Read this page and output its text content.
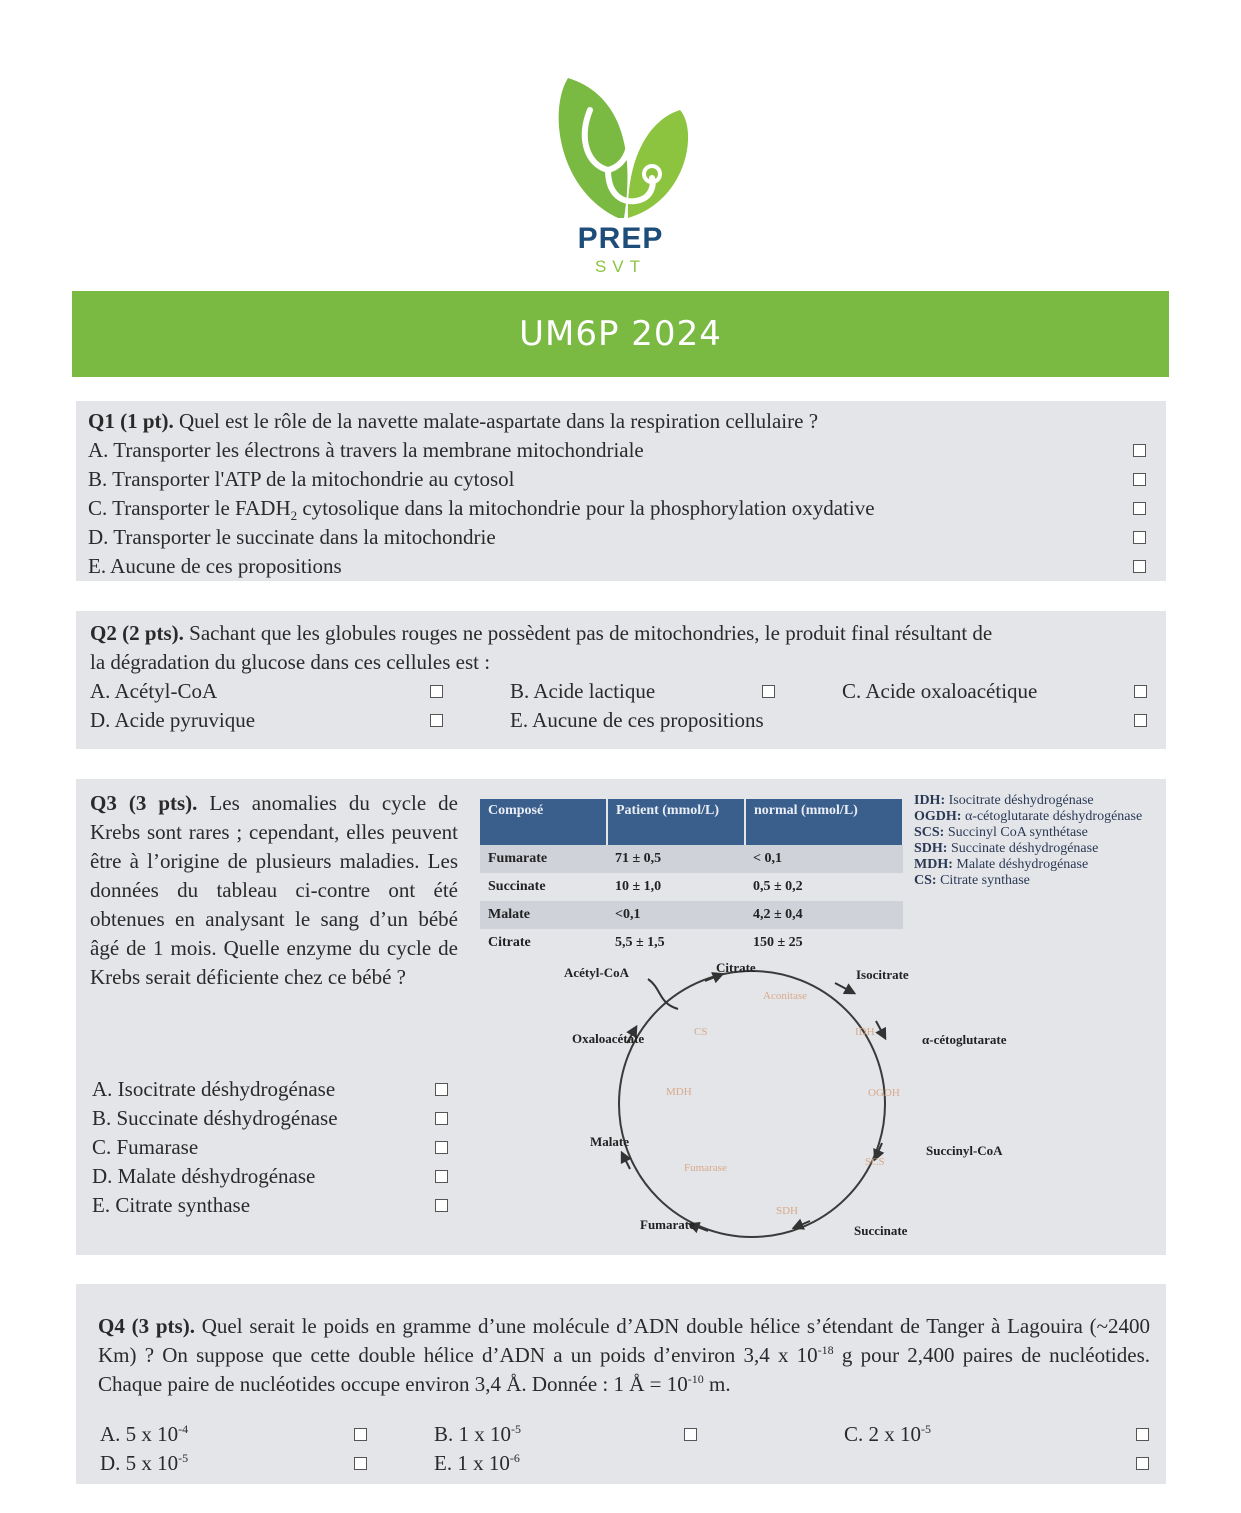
PREP
SVT
UM6P 2024
Q1 (1 pt). Quel est le rôle de la navette malate-aspartate dans la respiration cellulaire ?
A. Transporter les électrons à travers la membrane mitochondriale
B. Transporter l'ATP de la mitochondrie au cytosol
C. Transporter le $FADH_2$ cytosolique dans la mitochondrie pour la phosphorylation oxydative
D. Transporter le succinate dans la mitochondrie
E. Aucune de ces propositions
Q2 (2 pts). Sachant que les globules rouges ne possèdent pas de mitochondries, le produit final résultant de
la dégradation du glucose dans ces cellules est :
A. Acétyl-CoA	B. Acide lactique	C. Acide oxaloacétique
D. Acide pyruvique	E. Aucune de ces propositions
Q3 (3 pts). Les anomalies du cycle de Krebs sont rares ; cependant, elles peuvent être à l’origine de plusieurs maladies. Les données du tableau ci-contre ont été obtenues en analysant le sang d’un bébé âgé de 1 mois. Quelle enzyme du cycle de Krebs serait déficiente chez ce bébé ?
Composé	Patient (mmol/L)	normal (mmol/L)
Fumarate	71 ± 0,5	< 0,1
Succinate	10 ± 1,0	0,5 ± 0,2
Malate	<0,1	4,2 ± 0,4
Citrate	5,5 ± 1,5	150 ± 25
IDH: Isocitrate déshydrogénase
OGDH: α-cétoglutarate déshydrogénase
SCS: Succinyl CoA synthétase
SDH: Succinate déshydrogénase
MDH: Malate déshydrogénase
CS: Citrate synthase
Acétyl-CoA	Citrate	Isocitrate
α-cétoglutarate
Succinyl-CoA
Succinate
Fumarate
Malate
Oxaloacétate
Aconitase
CS	IDH
OGDH
SCS
SDH
Fumarase
MDH
A. Isocitrate déshydrogénase
B. Succinate déshydrogénase
C. Fumarase
D. Malate déshydrogénase
E. Citrate synthase
Q4 (3 pts). Quel serait le poids en gramme d’une molécule d’ADN double hélice s’étendant de Tanger à Lagouira (~2400 Km) ? On suppose que cette double hélice d’ADN a un poids d’environ 3,4 x $10^{-18}$ g pour 2,400 paires de nucléotides. Chaque paire de nucléotides occupe environ 3,4 Å. Donnée : 1 Å = $10^{-10}$ m.
A. 5 x $10^{-4}$	B. 1 x $10^{-5}$	C. 2 x $10^{-5}$
D. 5 x $10^{-5}$	E. 1 x $10^{-6}$
